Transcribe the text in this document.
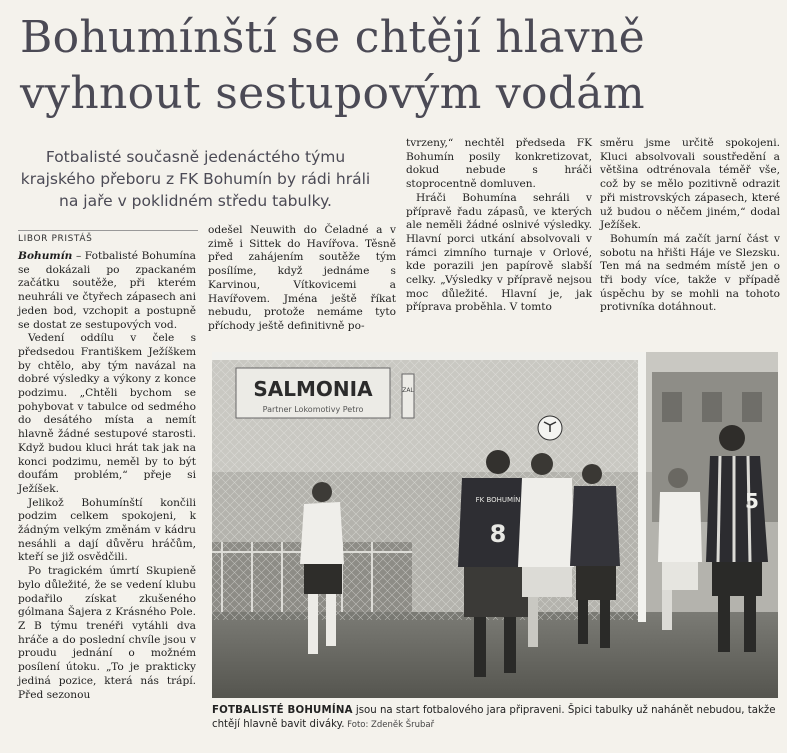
Bohumínští se chtějí hlavně
vyhnout sestupovým vodám

Fotbalisté současně jedenáctého týmu krajského přeboru z FK Bohumín by rádi hráli na jaře v poklidném středu tabulky.

LIBOR PRISTÁŠ

Bohumín – Fotbalisté Bohumína se dokázali po zpackaném začátku soutěže, při kterém neuhráli ve čtyřech zápasech ani jeden bod, vzchopit a postupně se dostat ze sestupových vod.

Vedení oddílu v čele s předsedou Františkem Ježíškem by chtělo, aby tým navázal na dobré výsledky a výkony z konce podzimu. „Chtěli bychom se pohybovat v tabulce od sedmého do desátého místa a nemít hlavně žádné sestupové starosti. Když budou kluci hrát tak jak na konci podzimu, neměl by to být doufám problém,“ přeje si Ježíšek.

Jelikož Bohumínští končili podzim celkem spokojeni, k žádným velkým změnám v kádru nesáhli a dají důvěru hráčům, kteří se již osvědčili.

Po tragickém úmrtí Skupieně bylo důležité, že se vedení klubu podařilo získat zkušeného gólmana Šajera z Krásného Pole. Z B týmu trenéři vytáhli dva hráče a do poslední chvíle jsou v proudu jednání o možném posílení útoku. „To je prakticky jediná pozice, která nás trápí. Před sezonou

odešel Neuwith do Čeladné a v zimě i Sittek do Havířova. Těsně před zahájením soutěže tým posílíme, když jednáme s Karvinou, Vítkovicemi a Havířovem. Jména ještě říkat nebudu, protože nemáme tyto příchody ještě definitivně po-

tvrzeny,“ nechtěl předseda FK Bohumín posily konkretizovat, dokud nebude s hráči stoprocentně domluven.

Hráči Bohumína sehráli v přípravě řadu zápasů, ve kterých ale neměli žádné oslnivé výsledky. Hlavní porci utkání absolvovali v rámci zimního turnaje v Orlové, kde porazili jen papírově slabší celky. „Výsledky v přípravě nejsou moc důležité. Hlavní je, jak příprava proběhla. V tomto

směru jsme určitě spokojeni. Kluci absolvovali soustředění a většina odtrénovala téměř vše, což by se mělo pozitivně odrazit při mistrovských zápasech, které už budou o něčem jiném,“ dodal Ježíšek.

Bohumín má začít jarní část v sobotu na hřišti Háje ve Slezsku. Ten má na sedmém místě jen o tři body více, takže v případě úspěchu by se mohli na tohoto protivníka dotáhnout.

SALMONIA
Partner Lokomotivy Petro
ZAL
8
FK BOHUMÍN	5
FOTBALISTÉ BOHUMÍNA jsou na start fotbalového jara připraveni. Špici tabulky už nahánět nebudou, takže chtějí hlavně bavit diváky. Foto: Zdeněk Šrubař
